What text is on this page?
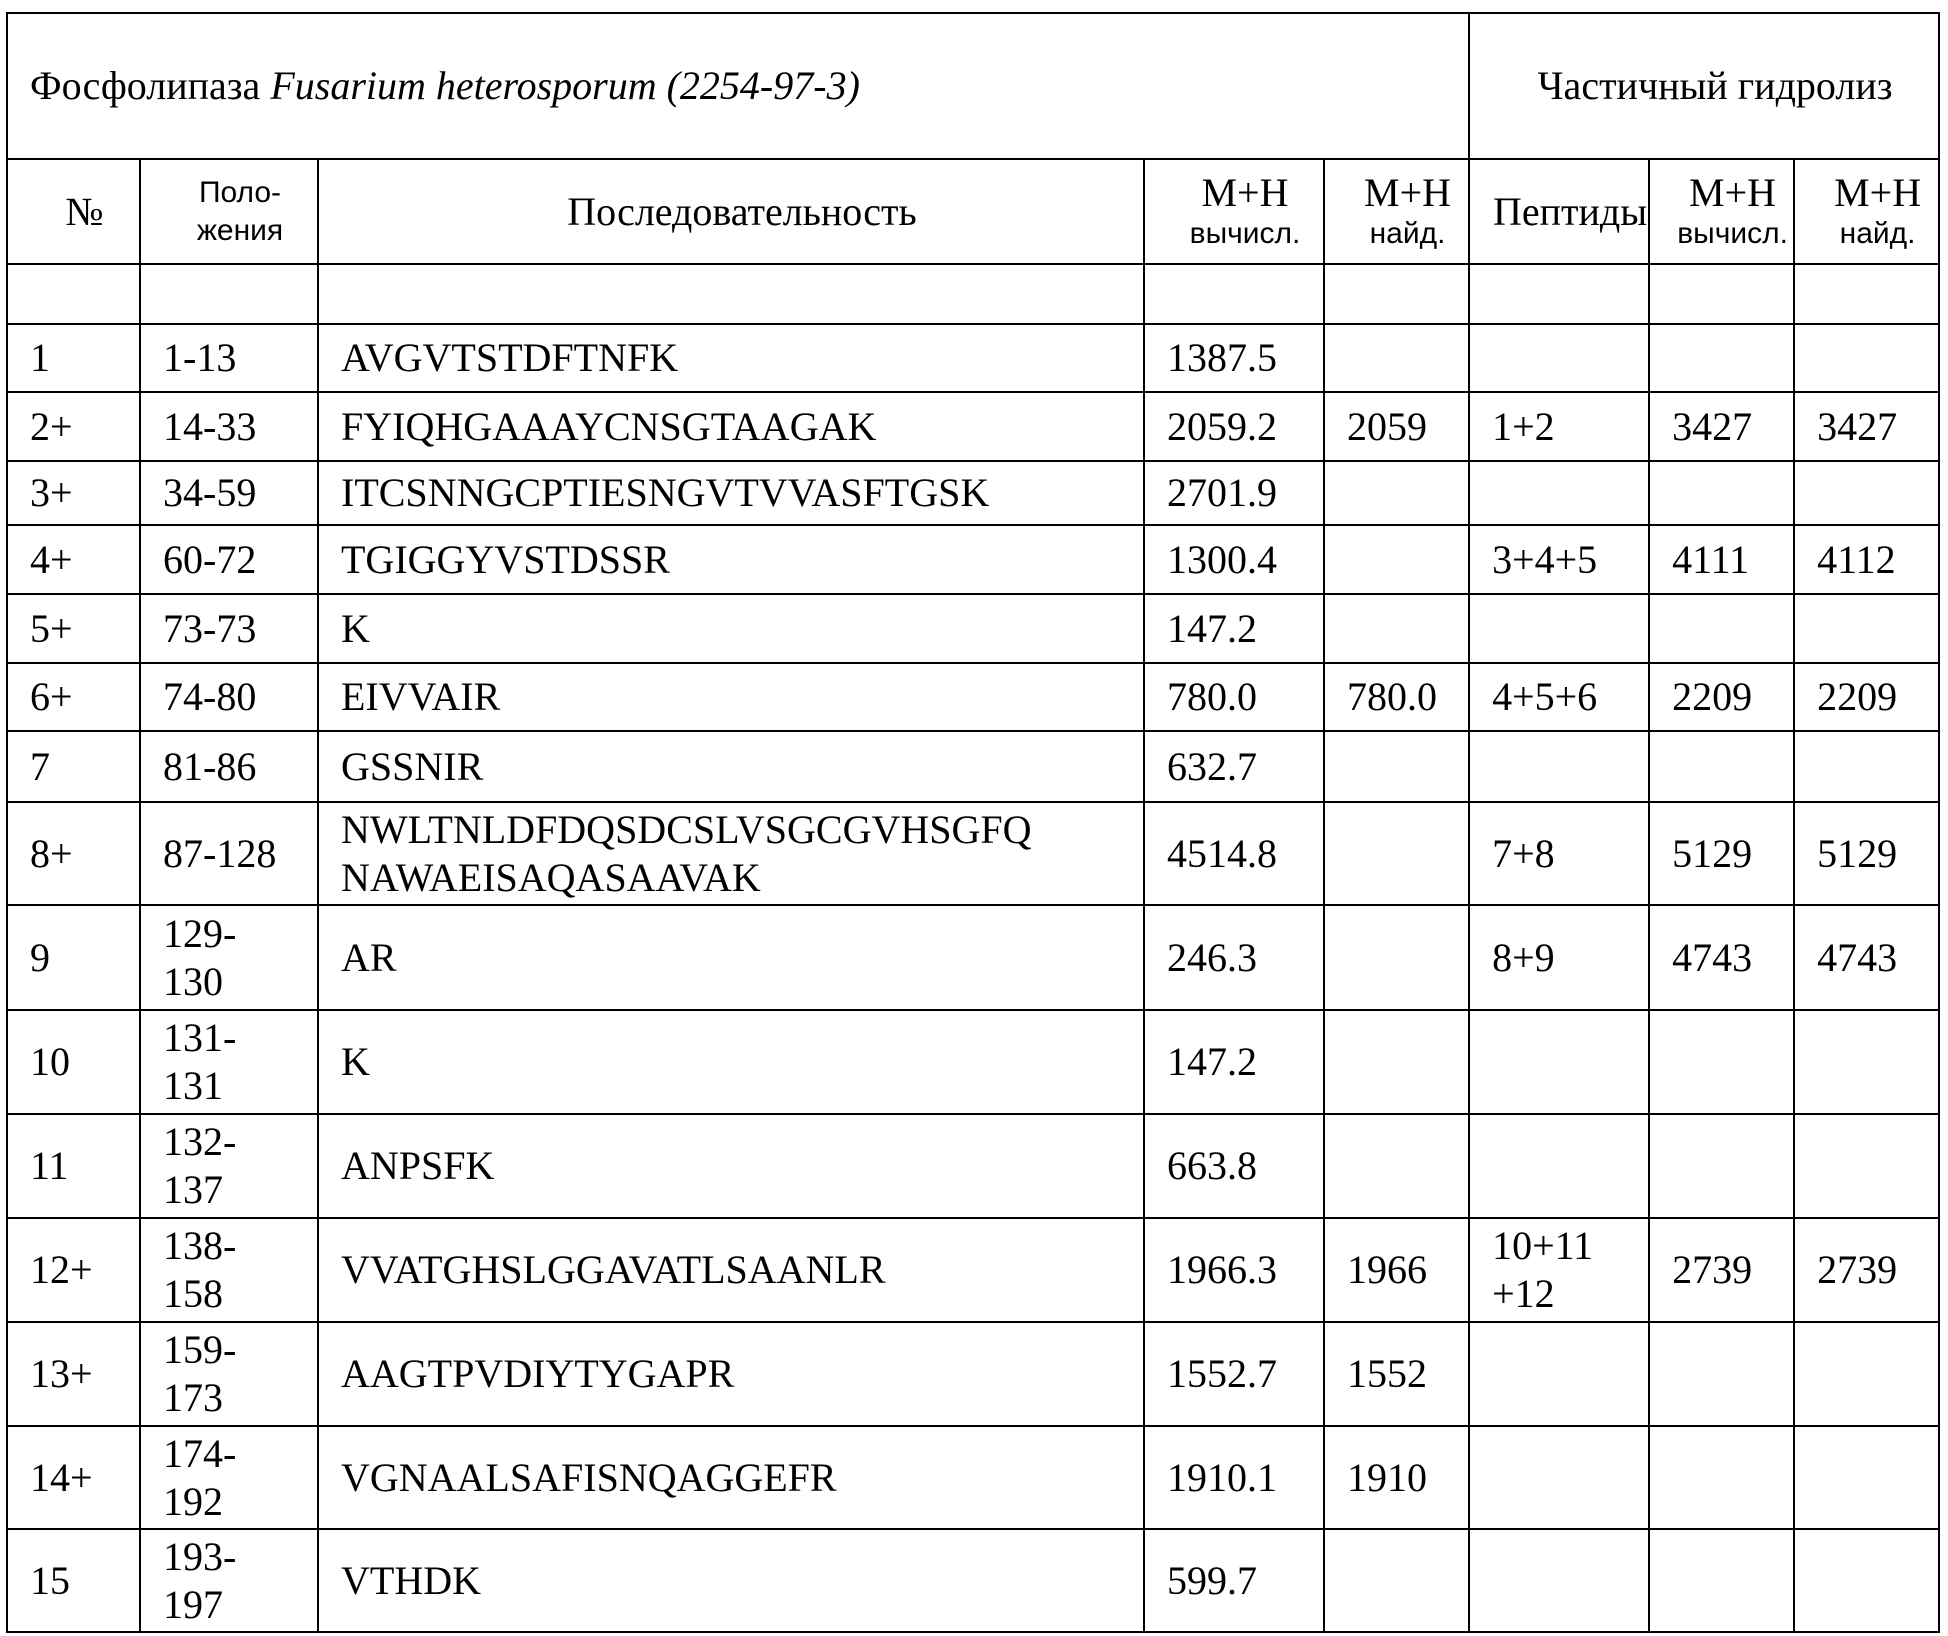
Фосфолипаза Fusarium heterosporum (2254-97-3)	Частичный гидролиз
№	Поло-
жения	Последовательность	M+H
вычисл.

M+H
найд.	Пептиды	M+H
вычисл.

M+H
найд.

1	1-13	AVGVTSTDFTNFK	1387.5

2+	14-33	FYIQHGAAAYCNSGTAAGAK	2059.2	2059	1+2	3427	3427

3+	34-59	ITCSNNGCPTIESNGVTVVASFTGSK	2701.9

4+	60-72	TGIGGYVSTDSSR	1300.4		3+4+5	4111	4112

5+	73-73	K	147.2

6+	74-80	EIVVAIR	780.0	780.0	4+5+6	2209	2209

7	81-86	GSSNIR	632.7

8+	87-128

NWLTNLDFDQSDCSLVSGCGVHSGFQ
NAWAEISAQASAAVAK

4514.8		7+8	5129	5129

9

129-
130

AR	246.3		8+9	4743	4743

10

131-
131

K	147.2

11

132-
137

ANPSFK	663.8

12+

138-
158

VVATGHSLGGAVATLSAANLR	1966.3	1966

10+11
+12

2739	2739

13+

159-
173

AAGTPVDIYTYGAPR	1552.7	1552

14+

174-
192

VGNAALSAFISNQAGGEFR	1910.1	1910

15

193-
197

VTHDK	599.7
